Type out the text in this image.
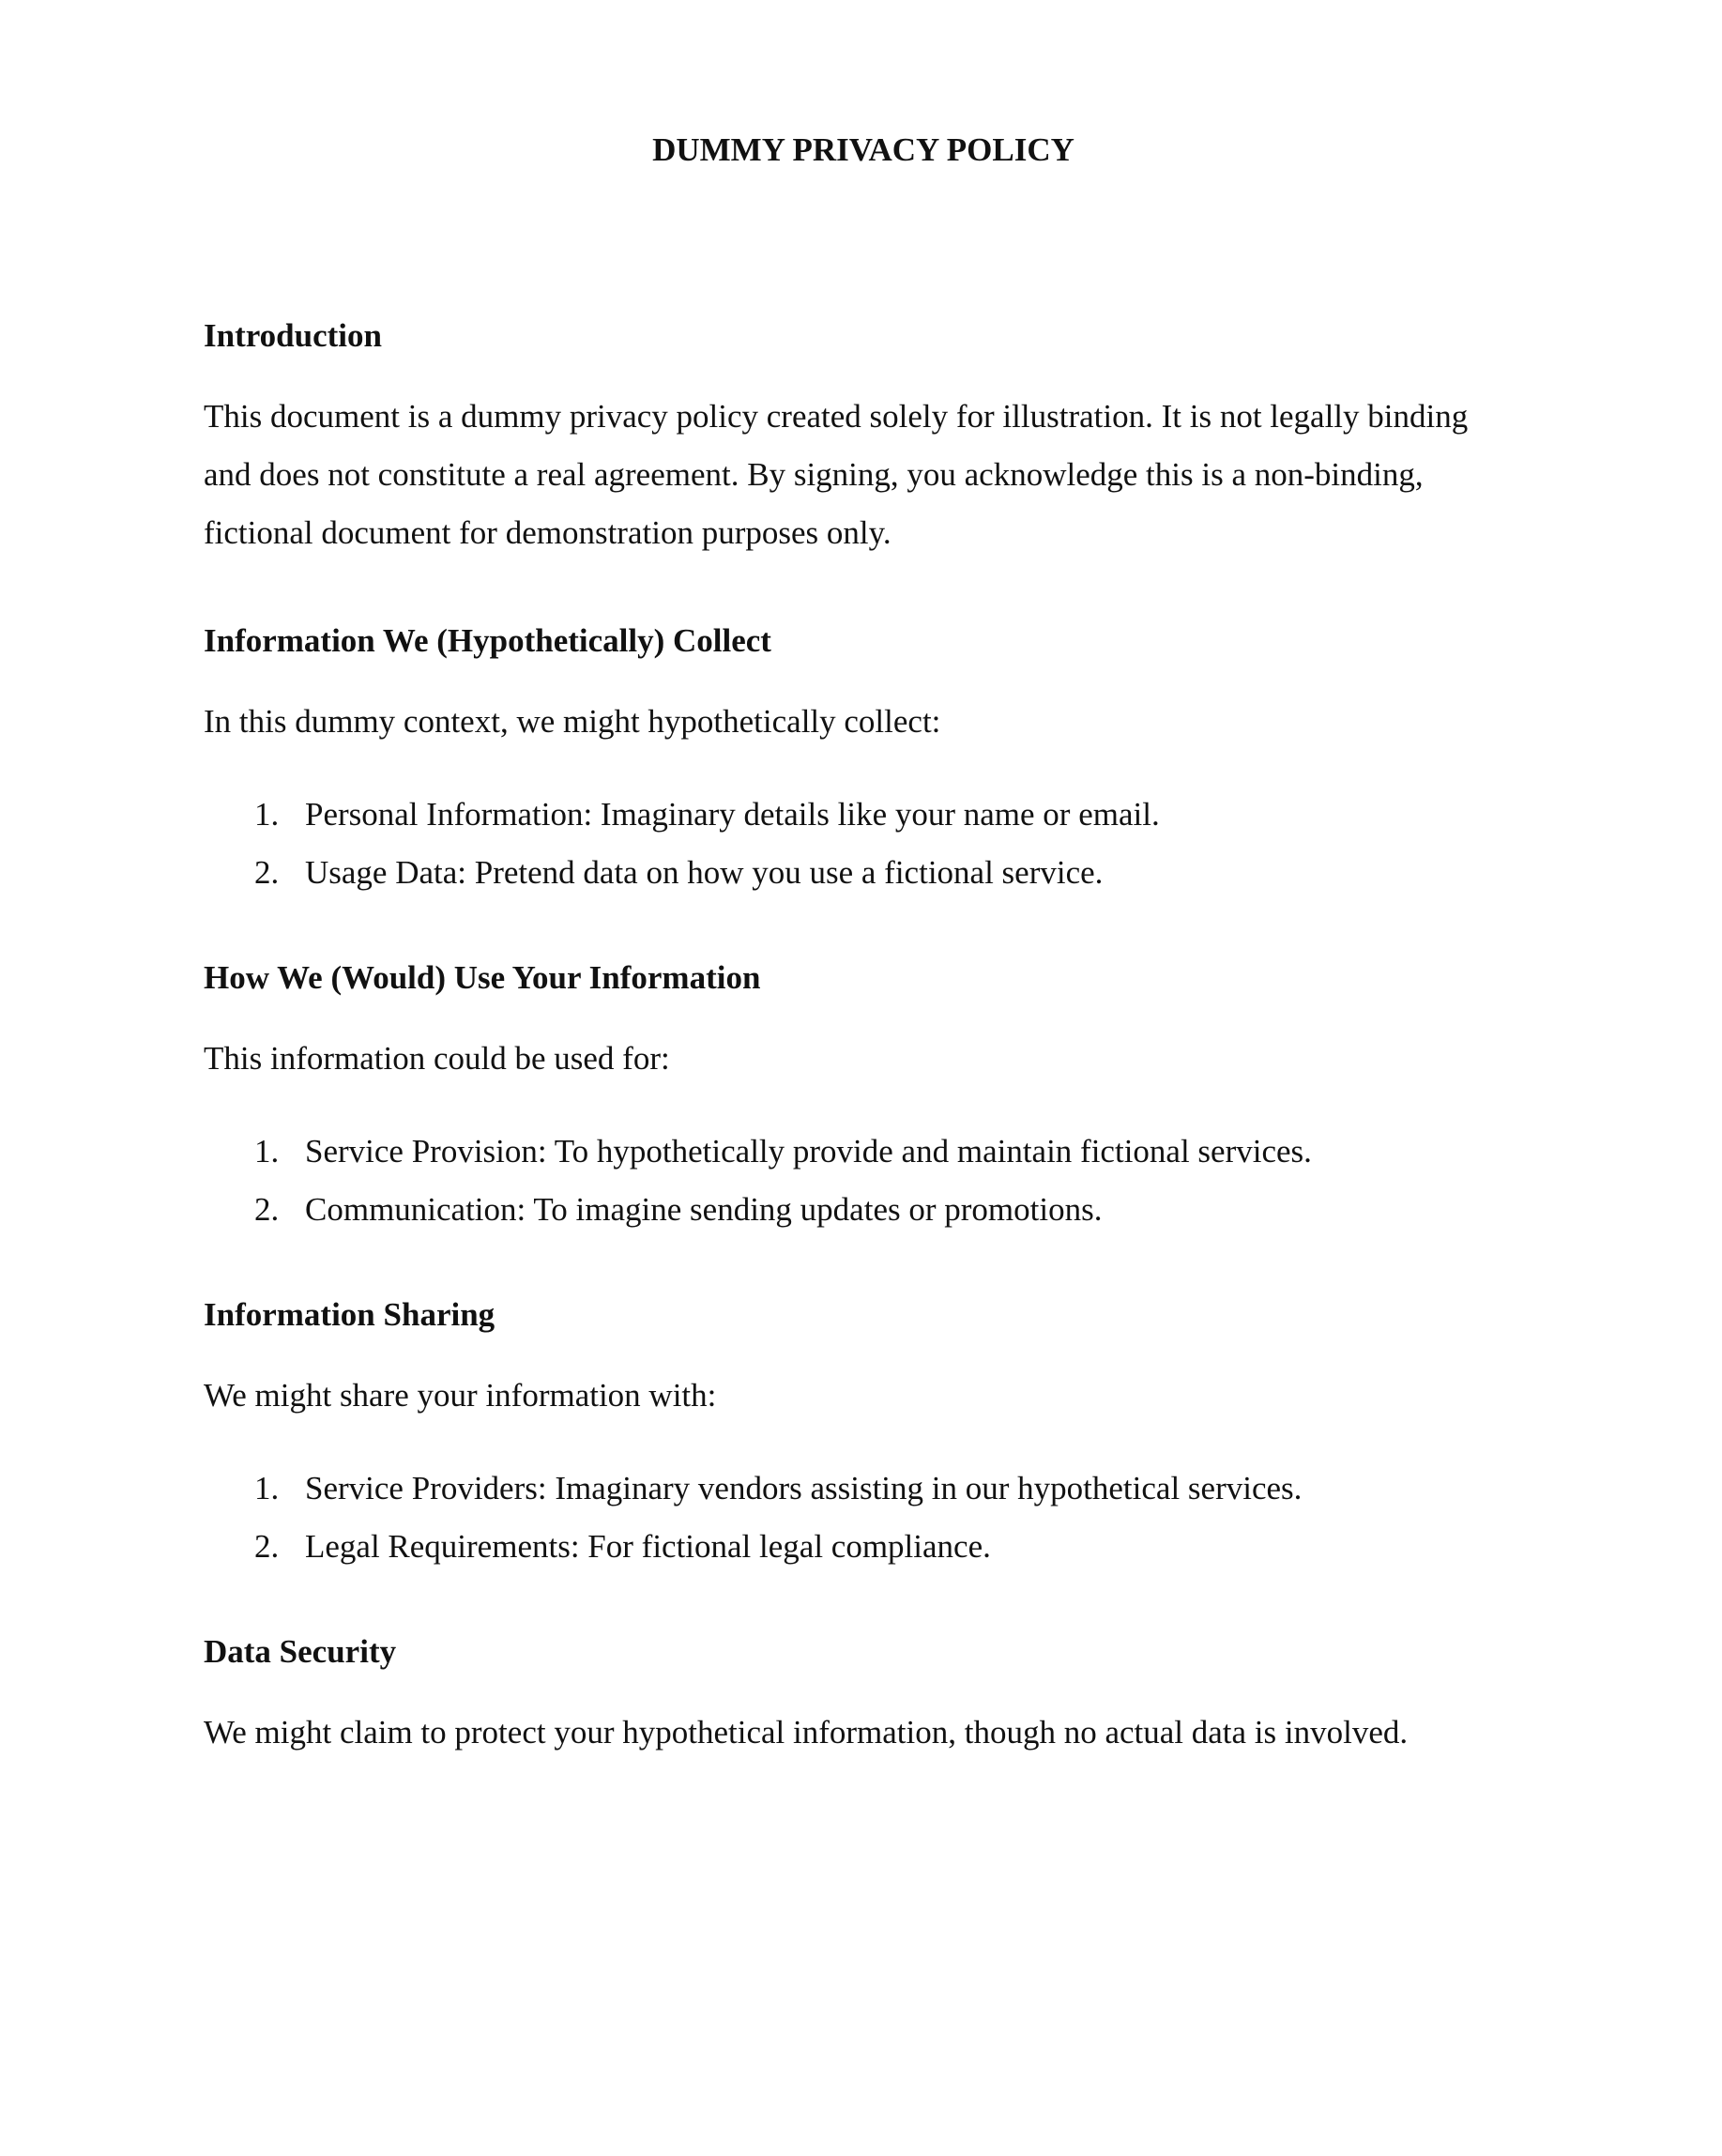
DUMMY PRIVACY POLICY
Introduction

This document is a dummy privacy policy created solely for illustration. It is not legally binding

and does not constitute a real agreement. By signing, you acknowledge this is a non-binding,

fictional document for demonstration purposes only.

Information We (Hypothetically) Collect

In this dummy context, we might hypothetically collect:

1. Personal Information: Imaginary details like your name or email.
2. Usage Data: Pretend data on how you use a fictional service.
How We (Would) Use Your Information

This information could be used for:

1. Service Provision: To hypothetically provide and maintain fictional services.
2. Communication: To imagine sending updates or promotions.
Information Sharing

We might share your information with:

1. Service Providers: Imaginary vendors assisting in our hypothetical services.
2. Legal Requirements: For fictional legal compliance.
Data Security

We might claim to protect your hypothetical information, though no actual data is involved.
